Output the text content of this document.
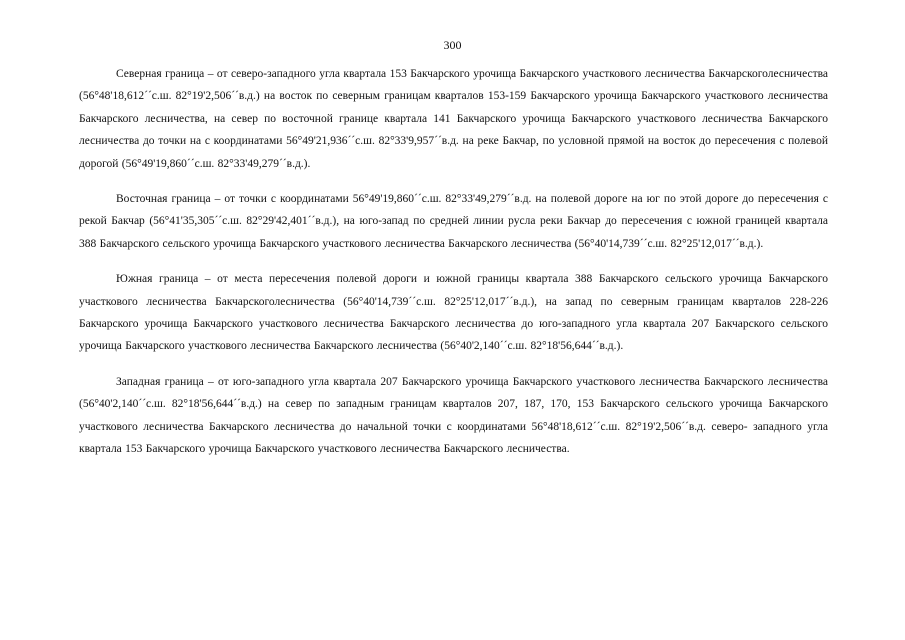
300

Северная граница – от северо-западного угла квартала 153 Бакчарского урочища Бакчарского участкового лесничества Бакчарскоголесничества (56°48'18,612´´с.ш. 82°19'2,506´´в.д.) на восток по северным границам кварталов 153-159 Бакчарского урочища Бакчарского участкового лесничества Бакчарского лесничества, на север по восточной границе квартала 141 Бакчарского урочища Бакчарского участкового лесничества Бакчарского лесничества до точки на с координатами 56°49'21,936´´с.ш. 82°33'9,957´´в.д. на реке Бакчар, по условной прямой на восток до пересечения с полевой дорогой (56°49'19,860´´с.ш. 82°33'49,279´´в.д.).

Восточная граница – от точки с координатами 56°49'19,860´´с.ш. 82°33'49,279´´в.д. на полевой дороге на юг по этой дороге до пересечения с рекой Бакчар (56°41'35,305´´с.ш. 82°29'42,401´´в.д.), на юго-запад по средней линии русла реки Бакчар до пересечения с южной границей квартала 388 Бакчарского сельского урочища Бакчарского участкового лесничества Бакчарского лесничества (56°40'14,739´´с.ш. 82°25'12,017´´в.д.).

Южная граница – от места пересечения полевой дороги и южной границы квартала 388 Бакчарского сельского урочища Бакчарского участкового лесничества Бакчарскоголесничества (56°40'14,739´´с.ш. 82°25'12,017´´в.д.), на запад по северным границам кварталов 228-226 Бакчарского урочища Бакчарского участкового лесничества Бакчарского лесничества до юго-западного угла квартала 207 Бакчарского сельского урочища Бакчарского участкового лесничества Бакчарского лесничества (56°40'2,140´´с.ш. 82°18'56,644´´в.д.).

Западная граница – от юго-западного угла квартала 207 Бакчарского урочища Бакчарского участкового лесничества Бакчарского лесничества (56°40'2,140´´с.ш. 82°18'56,644´´в.д.) на север по западным границам кварталов 207, 187, 170, 153 Бакчарского сельского урочища Бакчарского участкового лесничества Бакчарского лесничества до начальной точки с координатами 56°48'18,612´´с.ш. 82°19'2,506´´в.д. северо- западного угла квартала 153 Бакчарского урочища Бакчарского участкового лесничества Бакчарского лесничества.
